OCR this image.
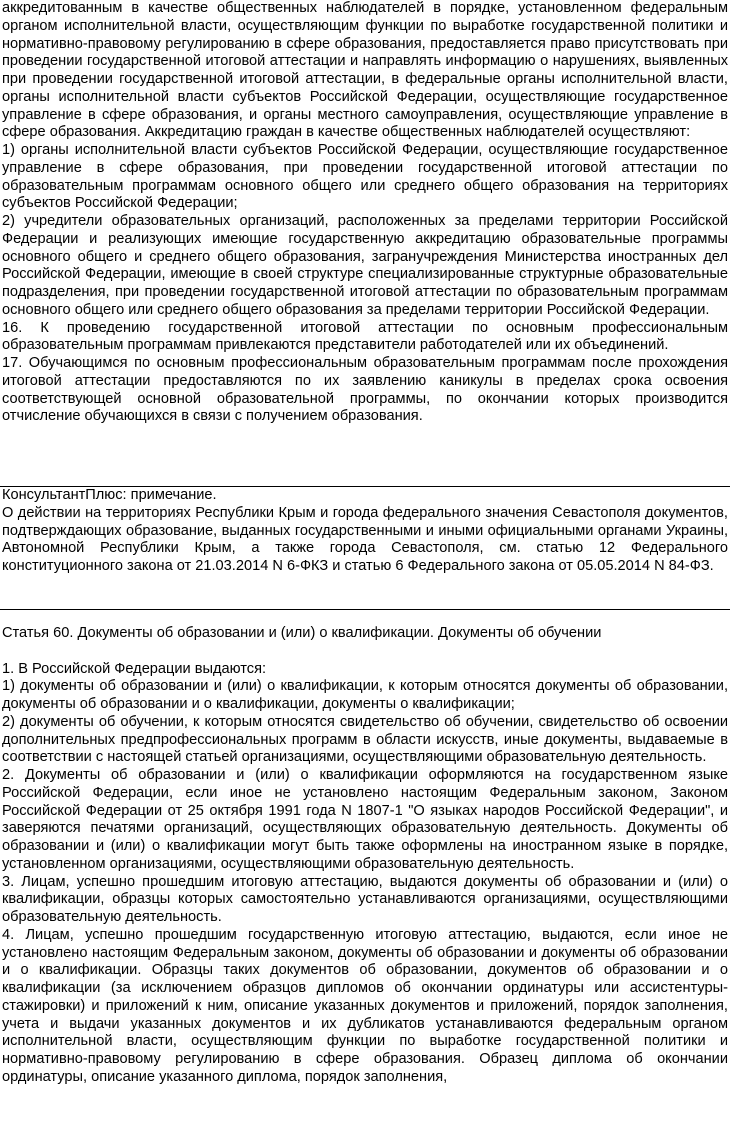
аккредитованным в качестве общественных наблюдателей в порядке, установленном федеральным органом исполнительной власти, осуществляющим функции по выработке государственной политики и нормативно-правовому регулированию в сфере образования, предоставляется право присутствовать при проведении государственной итоговой аттестации и направлять информацию о нарушениях, выявленных при проведении государственной итоговой аттестации, в федеральные органы исполнительной власти, органы исполнительной власти субъектов Российской Федерации, осуществляющие государственное управление в сфере образования, и органы местного самоуправления, осуществляющие управление в сфере образования. Аккредитацию граждан в качестве общественных наблюдателей осуществляют:

1) органы исполнительной власти субъектов Российской Федерации, осуществляющие государственное управление в сфере образования, при проведении государственной итоговой аттестации по образовательным программам основного общего или среднего общего образования на территориях субъектов Российской Федерации;

2) учредители образовательных организаций, расположенных за пределами территории Российской Федерации и реализующих имеющие государственную аккредитацию образовательные программы основного общего и среднего общего образования, загранучреждения Министерства иностранных дел Российской Федерации, имеющие в своей структуре специализированные структурные образовательные подразделения, при проведении государственной итоговой аттестации по образовательным программам основного общего или среднего общего образования за пределами территории Российской Федерации.

16. К проведению государственной итоговой аттестации по основным профессиональным образовательным программам привлекаются представители работодателей или их объединений.

17. Обучающимся по основным профессиональным образовательным программам после прохождения итоговой аттестации предоставляются по их заявлению каникулы в пределах срока освоения соответствующей основной образовательной программы, по окончании которых производится отчисление обучающихся в связи с получением образования.

КонсультантПлюс: примечание.

О действии на территориях Республики Крым и города федерального значения Севастополя документов, подтверждающих образование, выданных государственными и иными официальными органами Украины, Автономной Республики Крым, а также города Севастополя, см. статью 12 Федерального конституционного закона от 21.03.2014 N 6-ФКЗ и статью 6 Федерального закона от 05.05.2014 N 84-ФЗ.

Статья 60. Документы об образовании и (или) о квалификации. Документы об обучении

1. В Российской Федерации выдаются:

1) документы об образовании и (или) о квалификации, к которым относятся документы об образовании, документы об образовании и о квалификации, документы о квалификации;

2) документы об обучении, к которым относятся свидетельство об обучении, свидетельство об освоении дополнительных предпрофессиональных программ в области искусств, иные документы, выдаваемые в соответствии с настоящей статьей организациями, осуществляющими образовательную деятельность.

2. Документы об образовании и (или) о квалификации оформляются на государственном языке Российской Федерации, если иное не установлено настоящим Федеральным законом, Законом Российской Федерации от 25 октября 1991 года N 1807-1 "О языках народов Российской Федерации", и заверяются печатями организаций, осуществляющих образовательную деятельность. Документы об образовании и (или) о квалификации могут быть также оформлены на иностранном языке в порядке, установленном организациями, осуществляющими образовательную деятельность.

3. Лицам, успешно прошедшим итоговую аттестацию, выдаются документы об образовании и (или) о квалификации, образцы которых самостоятельно устанавливаются организациями, осуществляющими образовательную деятельность.

4. Лицам, успешно прошедшим государственную итоговую аттестацию, выдаются, если иное не установлено настоящим Федеральным законом, документы об образовании и документы об образовании и о квалификации. Образцы таких документов об образовании, документов об образовании и о квалификации (за исключением образцов дипломов об окончании ординатуры или ассистентуры-стажировки) и приложений к ним, описание указанных документов и приложений, порядок заполнения, учета и выдачи указанных документов и их дубликатов устанавливаются федеральным органом исполнительной власти, осуществляющим функции по выработке государственной политики и нормативно-правовому регулированию в сфере образования. Образец диплома об окончании ординатуры, описание указанного диплома, порядок заполнения,
